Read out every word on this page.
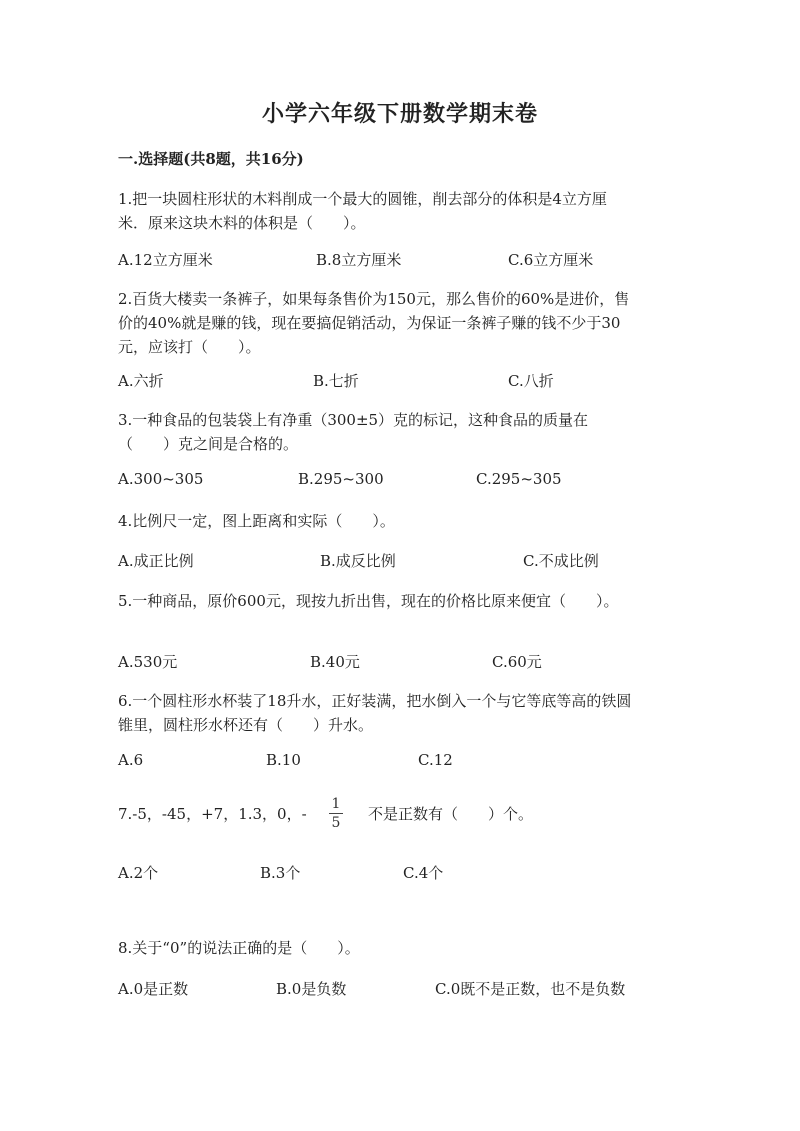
小学六年级下册数学期末卷
一.选择题(共8题，共16分)
1.把一块圆柱形状的木料削成一个最大的圆锥，削去部分的体积是4立方厘
米．原来这块木料的体积是（　　）。
A.12立方厘米	B.8立方厘米	C.6立方厘米
2.百货大楼卖一条裤子，如果每条售价为150元，那么售价的60%是进价，售
价的40%就是赚的钱，现在要搞促销活动，为保证一条裤子赚的钱不少于30
元，应该打（　　）。
A.六折	B.七折	C.八折
3.一种食品的包装袋上有净重（300±5）克的标记，这种食品的质量在
（　　）克之间是合格的。
A.300~305	B.295~300	C.295~305
4.比例尺一定，图上距离和实际（　　）。
A.成正比例	B.成反比例	C.不成比例
5.一种商品，原价600元，现按九折出售，现在的价格比原来便宜（　　）。
A.530元	B.40元	C.60元
6.一个圆柱形水杯装了18升水，正好装满，把水倒入一个与它等底等高的铁圆
锥里，圆柱形水杯还有（　　）升水。
A.6	B.10	C.12
7.-5，-45，+7，1.3，0，-
1
5 不是正数有（　　）个。
A.2个	B.3个	C.4个
8.关于“0”的说法正确的是（　　）。
A.0是正数	B.0是负数	C.0既不是正数，也不是负数
